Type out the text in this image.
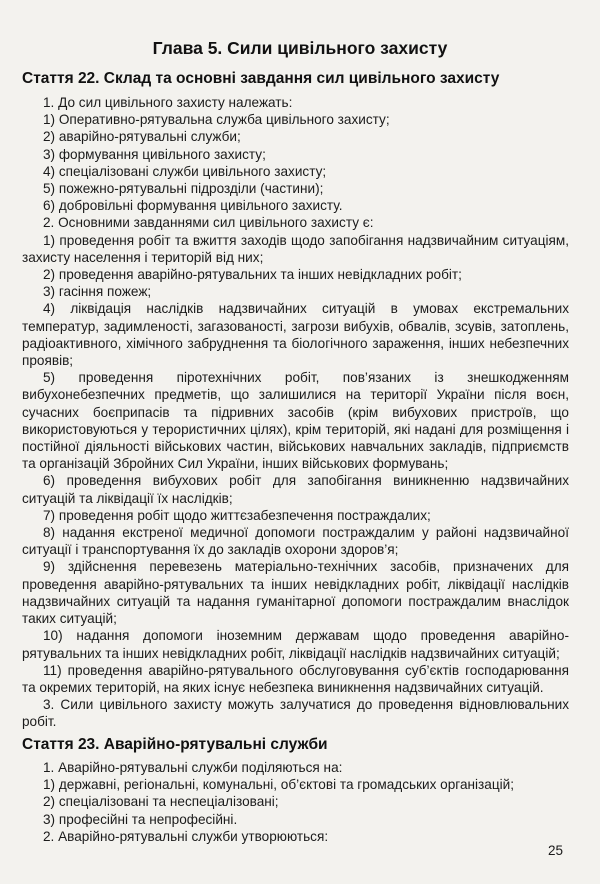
Глава 5. Сили цивільного захисту
Стаття 22. Склад та основні завдання сил цивільного захисту

1. До сил цивільного захисту належать:

1) Оперативно-рятувальна служба цивільного захисту;

2) аварійно-рятувальні служби;

3) формування цивільного захисту;

4) спеціалізовані служби цивільного захисту;

5) пожежно-рятувальні підрозділи (частини);

6) добровільні формування цивільного захисту.

2. Основними завданнями сил цивільного захисту є:

1) проведення робіт та вжиття заходів щодо запобігання надзвичайним ситуаціям, захисту населення і територій від них;

2) проведення аварійно-рятувальних та інших невідкладних робіт;

3) гасіння пожеж;

4) ліквідація наслідків надзвичайних ситуацій в умовах екстремальних температур, задимленості, загазованості, загрози вибухів, обвалів, зсувів, затоплень, радіоактивного, хімічного забруднення та біологічного зараження, інших небезпечних проявів;

5) проведення піротехнічних робіт, пов’язаних із знешкодженням вибухонебезпечних предметів, що залишилися на території України після воєн, сучасних боєприпасів та підривних засобів (крім вибухових пристроїв, що використовуються у терористичних цілях), крім територій, які надані для розміщення і постійної діяльності військових частин, військових навчальних закладів, підприємств та організацій Збройних Сил України, інших військових формувань;

6) проведення вибухових робіт для запобігання виникненню надзвичайних ситуацій та ліквідації їх наслідків;

7) проведення робіт щодо життєзабезпечення постраждалих;

8) надання екстреної медичної допомоги постраждалим у районі надзвичайної ситуації і транспортування їх до закладів охорони здоров’я;

9) здійснення перевезень матеріально-технічних засобів, призначених для проведення аварійно-рятувальних та інших невідкладних робіт, ліквідації наслідків надзвичайних ситуацій та надання гуманітарної допомоги постраждалим внаслідок таких ситуацій;

10) надання допомоги іноземним державам щодо проведення аварійно-рятувальних та інших невідкладних робіт, ліквідації наслідків надзвичайних ситуацій;

11) проведення аварійно-рятувального обслуговування суб’єктів господарювання та окремих територій, на яких існує небезпека виникнення надзвичайних ситуацій.

3. Сили цивільного захисту можуть залучатися до проведення відновлювальних робіт.

Стаття 23. Аварійно-рятувальні служби

1. Аварійно-рятувальні служби поділяються на:

1) державні, регіональні, комунальні, об’єктові та громадських організацій;

2) спеціалізовані та неспеціалізовані;

3) професійні та непрофесійні.

2. Аварійно-рятувальні служби утворюються:

25
